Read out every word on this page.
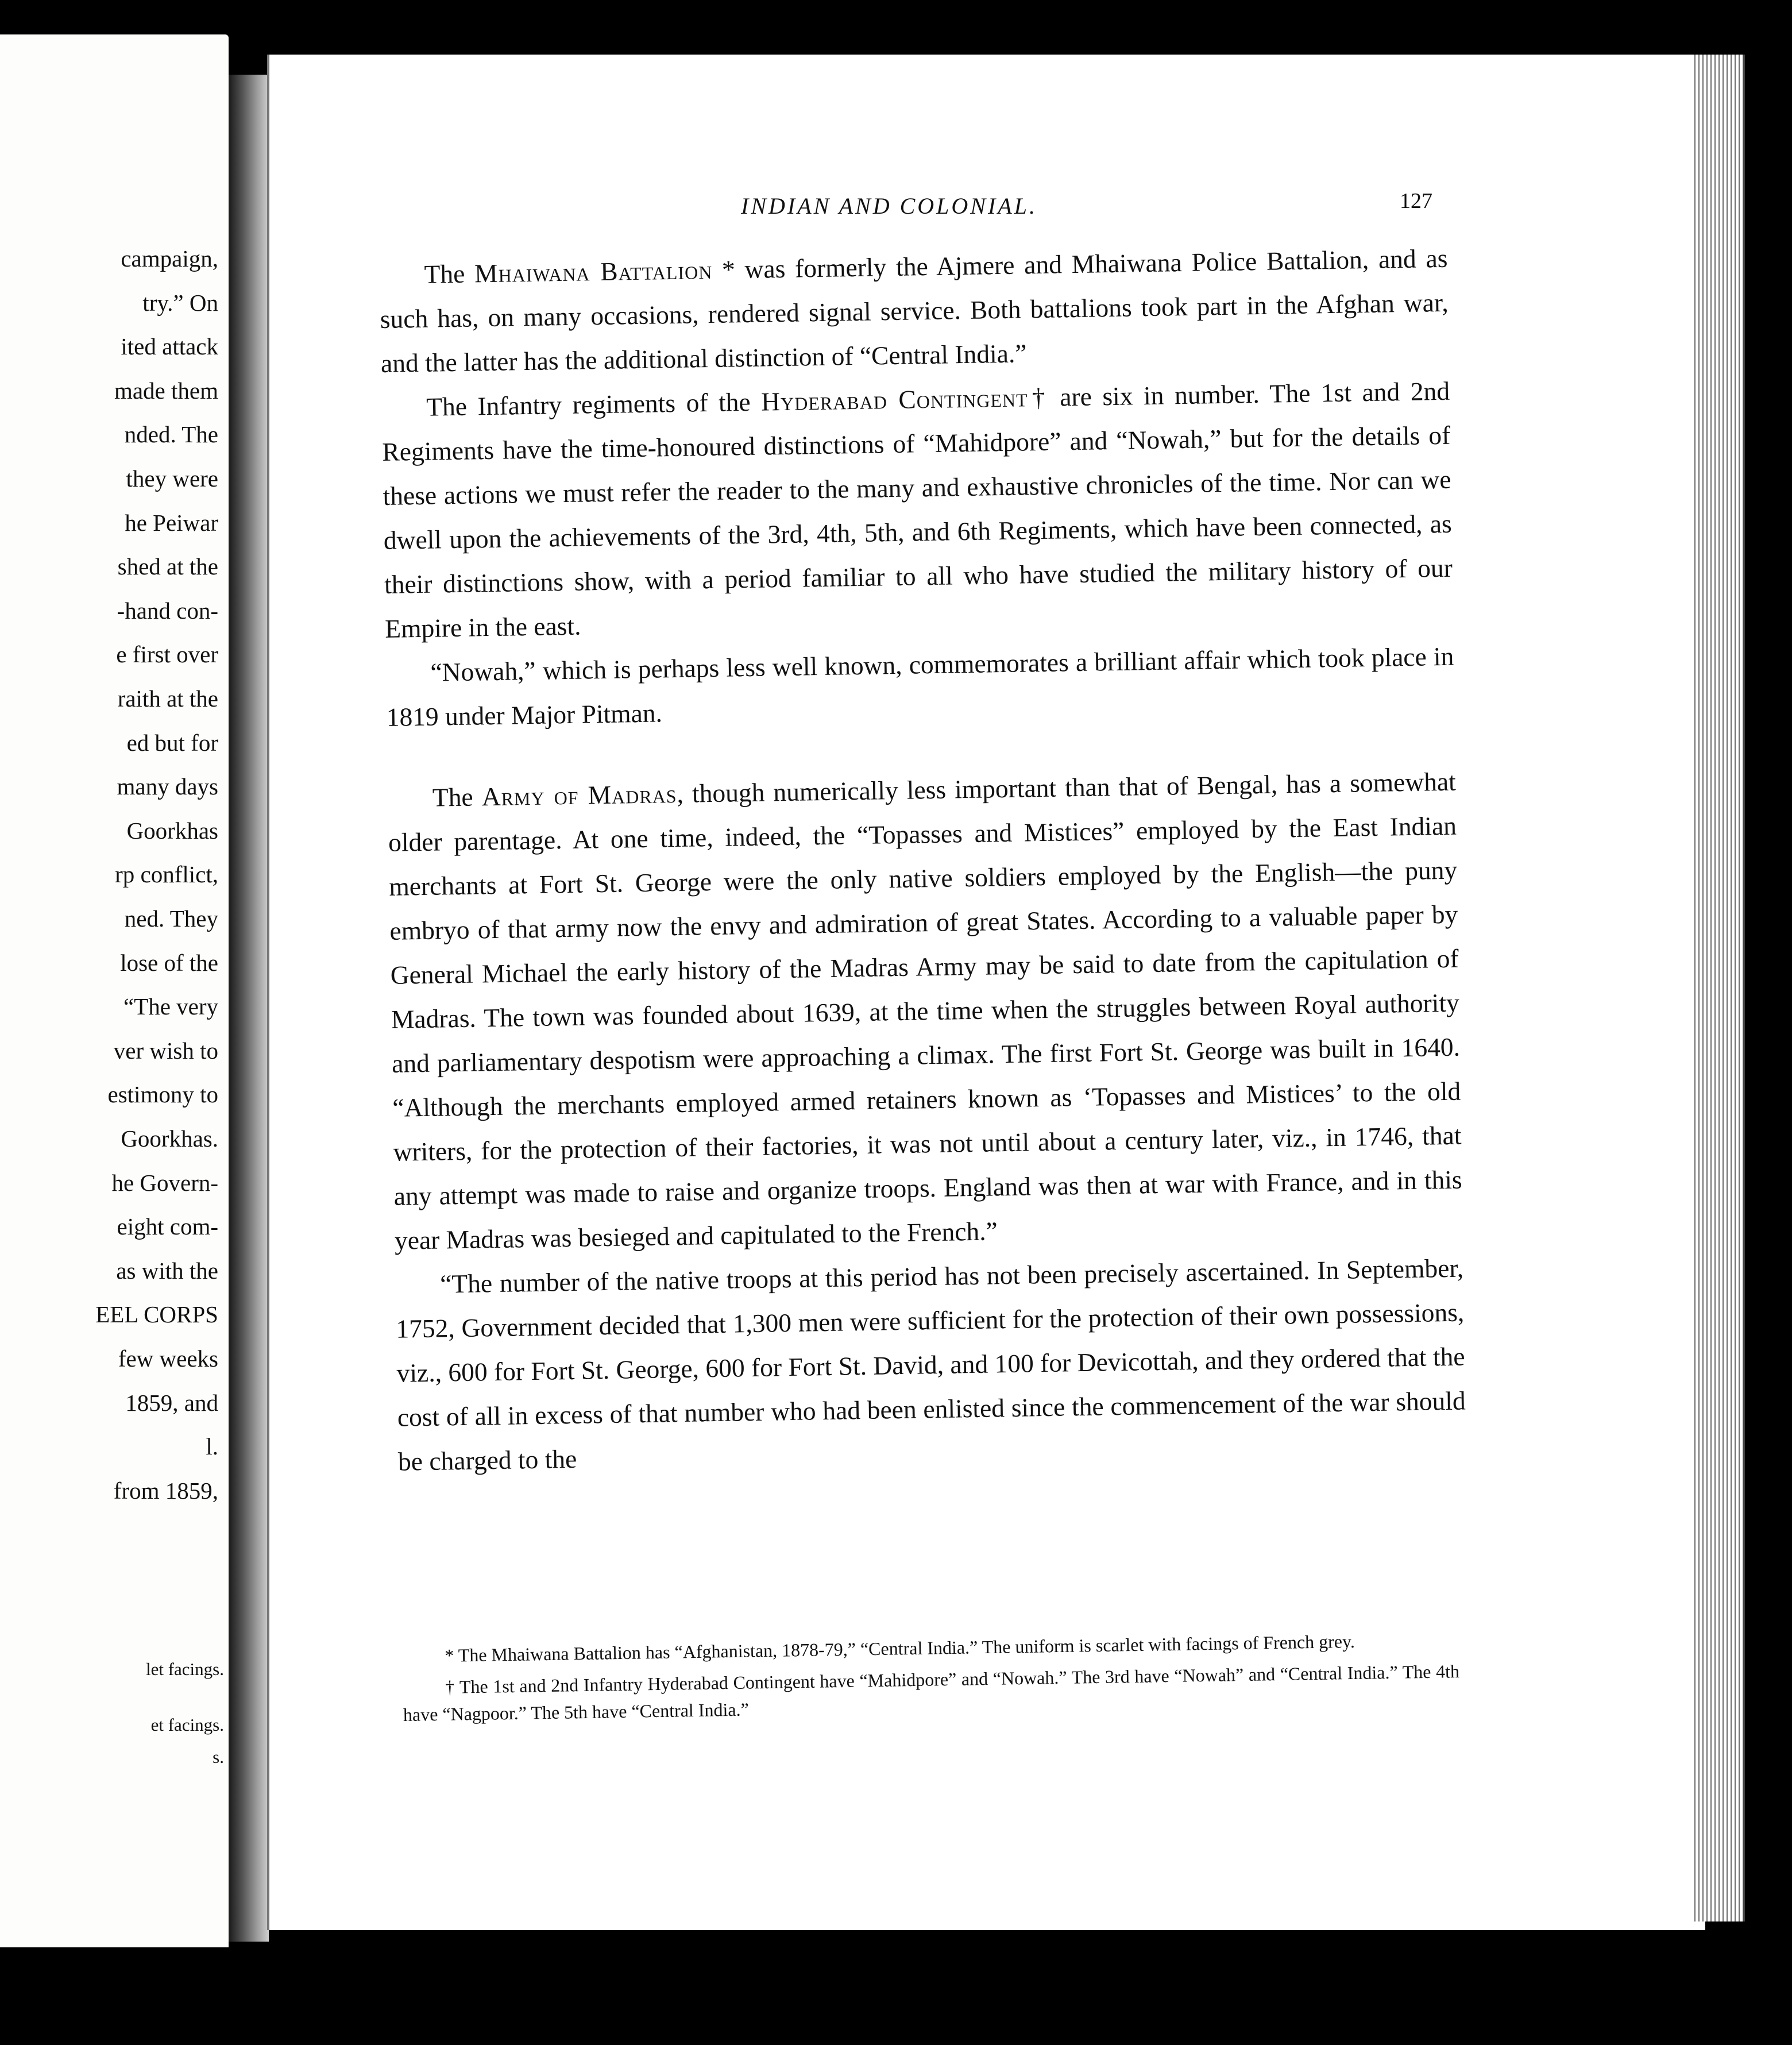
campaign,
try.” On
ited attack
made them
nded. The
they were
he Peiwar
shed at the
-hand con-
e first over
raith at the
ed but for
many days
Goorkhas
rp conflict,
ned. They
lose of the
“The very
ver wish to
estimony to
Goorkhas.
he Govern-
eight com-
as with the
EEL CORPS
few weeks
1859, and
l.
from 1859,
let facings.
et facings.
s.
INDIAN AND COLONIAL.	127

The Mhaiwana Battalion * was formerly the Ajmere and Mhaiwana Police Battalion, and as such has, on many occasions, rendered signal service. Both battalions took part in the Afghan war, and the latter has the additional distinction of “Central India.”

The Infantry regiments of the Hyderabad Contingent† are six in number. The 1st and 2nd Regiments have the time-honoured distinctions of “Mahidpore” and “Nowah,” but for the details of these actions we must refer the reader to the many and exhaustive chronicles of the time. Nor can we dwell upon the achievements of the 3rd, 4th, 5th, and 6th Regiments, which have been connected, as their distinctions show, with a period familiar to all who have studied the military history of our Empire in the east.

“Nowah,” which is perhaps less well known, commemorates a brilliant affair which took place in 1819 under Major Pitman.

The Army of Madras, though numerically less important than that of Bengal, has a somewhat older parentage. At one time, indeed, the “Topasses and Mistices” employed by the East Indian merchants at Fort St. George were the only native soldiers employed by the English—the puny embryo of that army now the envy and admiration of great States. According to a valuable paper by General Michael the early history of the Madras Army may be said to date from the capitulation of Madras. The town was founded about 1639, at the time when the struggles between Royal authority and parliamentary despotism were approaching a climax. The first Fort St. George was built in 1640. “Although the merchants employed armed retainers known as ‘Topasses and Mistices’ to the old writers, for the protection of their factories, it was not until about a century later, viz., in 1746, that any attempt was made to raise and organize troops. England was then at war with France, and in this year Madras was besieged and capitulated to the French.”

“The number of the native troops at this period has not been precisely ascertained. In September, 1752, Government decided that 1,300 men were sufficient for the protection of their own possessions, viz., 600 for Fort St. George, 600 for Fort St. David, and 100 for Devicottah, and they ordered that the cost of all in excess of that number who had been enlisted since the commencement of the war should be charged to the

* The Mhaiwana Battalion has “Afghanistan, 1878-79,” “Central India.” The uniform is scarlet with facings of French grey.

† The 1st and 2nd Infantry Hyderabad Contingent have “Mahidpore” and “Nowah.” The 3rd have “Nowah” and “Central India.” The 4th have “Nagpoor.” The 5th have “Central India.”
